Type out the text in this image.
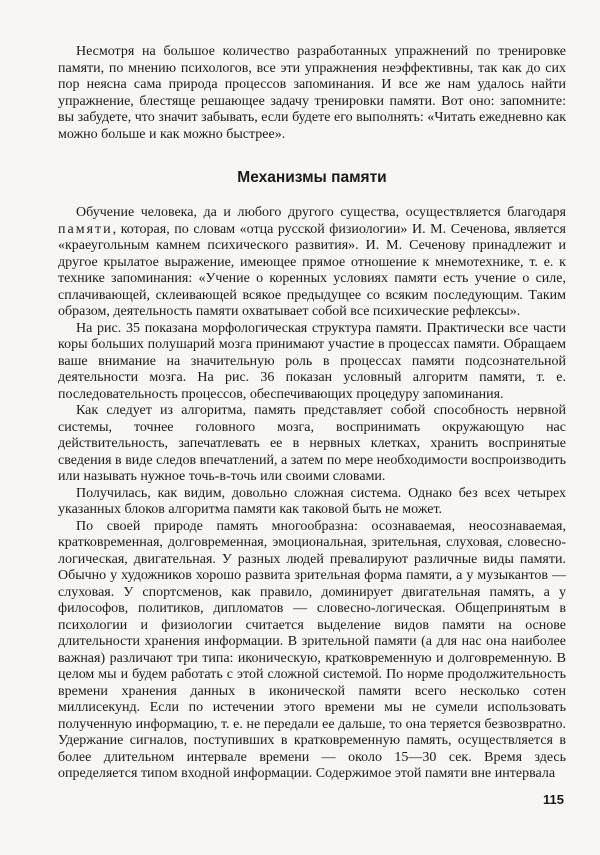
Несмотря на большое количество разработанных упражнений по тренировке памяти, по мнению психологов, все эти упражнения неэффективны, так как до сих пор неясна сама природа процессов запоминания. И все же нам удалось найти упражнение, блестяще решающее задачу тренировки памяти. Вот оно: запомните: вы забудете, что значит забывать, если будете его выполнять: «Читать ежедневно как можно больше и как можно быстрее».

Механизмы памяти

Обучение человека, да и любого другого существа, осуществляется благодаря памяти, которая, по словам «отца русской физиологии» И. М. Сеченова, является «краеугольным камнем психического развития». И. М. Сеченову принадлежит и другое крылатое выражение, имеющее прямое отношение к мнемотехнике, т. е. к технике запоминания: «Учение о коренных условиях памяти есть учение о силе, сплачивающей, склеивающей всякое предыдущее со всяким последующим. Таким образом, деятельность памяти охватывает собой все психические рефлексы».

На рис. 35 показана морфологическая структура памяти. Практически все части коры больших полушарий мозга принимают участие в процессах памяти. Обращаем ваше внимание на значительную роль в процессах памяти подсознательной деятельности мозга. На рис. 36 показан условный алгоритм памяти, т. е. последовательность процессов, обеспечивающих процедуру запоминания.

Как следует из алгоритма, память представляет собой способность нервной системы, точнее головного мозга, воспринимать окружающую нас действительность, запечатлевать ее в нервных клетках, хранить воспринятые сведения в виде следов впечатлений, а затем по мере необходимости воспроизводить или называть нужное точь-в-точь или своими словами.

Получилась, как видим, довольно сложная система. Однако без всех четырех указанных блоков алгоритма памяти как таковой быть не может.

По своей природе память многообразна: осознаваемая, неосознаваемая, кратковременная, долговременная, эмоциональная, зрительная, слуховая, словесно-логическая, двигательная. У разных людей превалируют различные виды памяти. Обычно у художников хорошо развита зрительная форма памяти, а у музыкантов — слуховая. У спортсменов, как правило, доминирует двигательная память, а у философов, политиков, дипломатов — словесно-логическая. Общепринятым в психологии и физиологии считается выделение видов памяти на основе длительности хранения информации. В зрительной памяти (а для нас она наиболее важная) различают три типа: иконическую, кратковременную и долговременную. В целом мы и будем работать с этой сложной системой. По норме продолжительность времени хранения данных в иконической памяти всего несколько сотен миллисекунд. Если по истечении этого времени мы не сумели использовать полученную информацию, т. е. не передали ее дальше, то она теряется безвозвратно. Удержание сигналов, поступивших в кратковременную память, осуществляется в более длительном интервале времени — около 15—30 сек. Время здесь определяется типом входной информации. Содержимое этой памяти вне интервала

115
